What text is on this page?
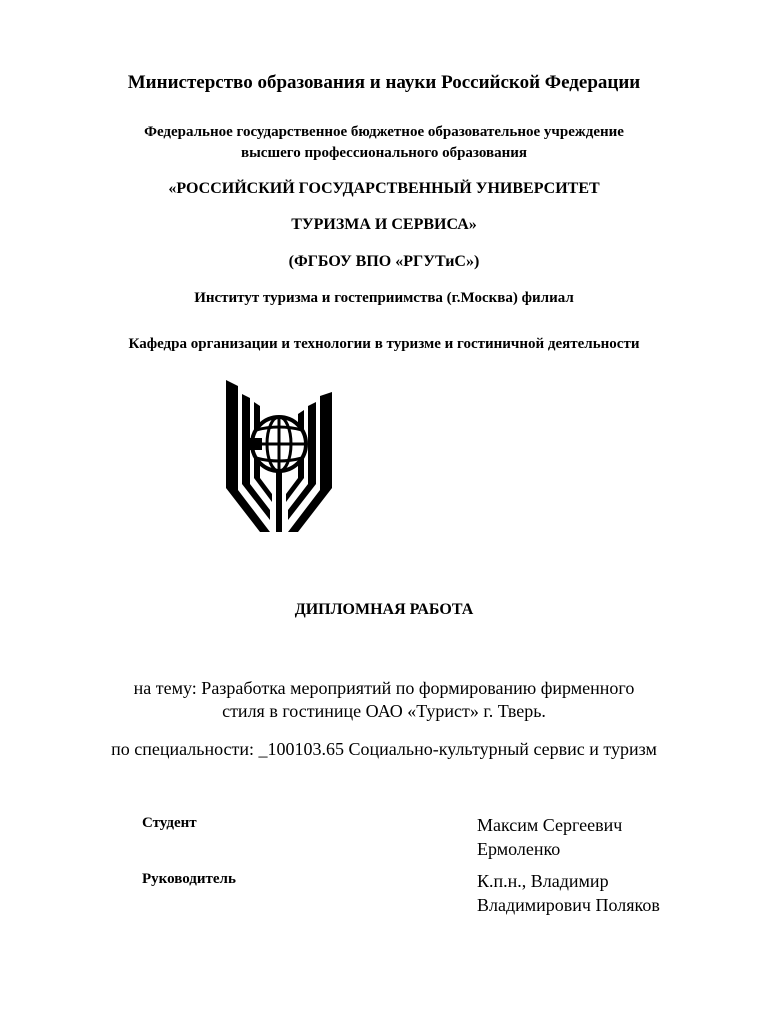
Министерство образования и науки Российской Федерации
Федеральное государственное бюджетное образовательное учреждение
высшего профессионального образования
«РОССИЙСКИЙ ГОСУДАРСТВЕННЫЙ УНИВЕРСИТЕТ
ТУРИЗМА И СЕРВИСА»
(ФГБОУ ВПО «РГУТиС»)
Институт туризма и гостеприимства (г.Москва) филиал
Кафедра организации и технологии в туризме и гостиничной деятельности
ДИПЛОМНАЯ РАБОТА
на тему: Разработка мероприятий по формированию фирменного
стиля в гостинице ОАО «Турист» г. Тверь.
по специальности: _100103.65 Социально-культурный сервис и туризм
Студент	Максим Сергеевич
Ермоленко
Руководитель	К.п.н., Владимир
Владимирович Поляков
